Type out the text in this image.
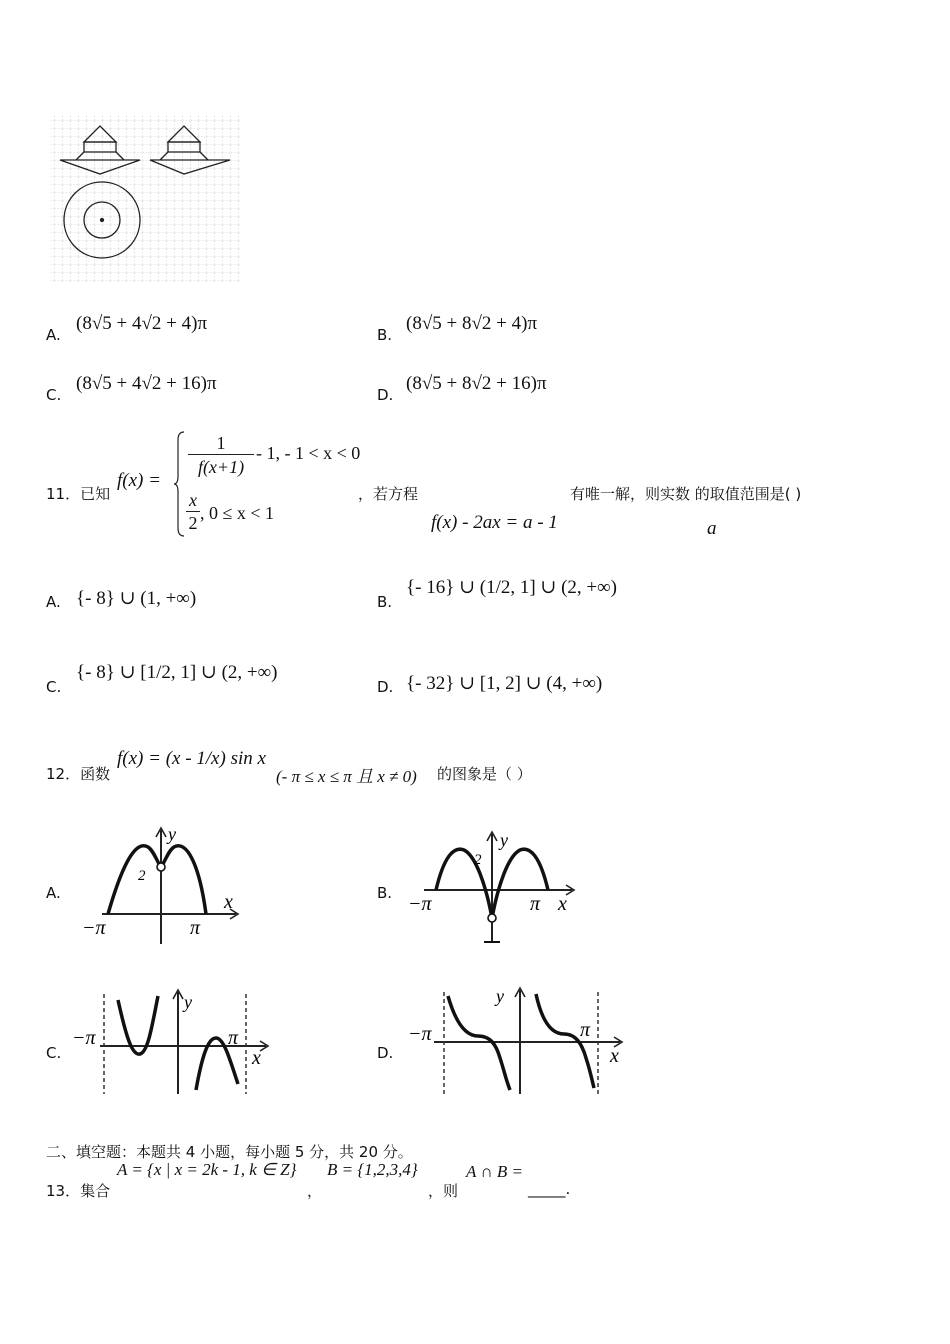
A.
(8√5 + 4√2 + 4)π
B.
(8√5 + 8√2 + 4)π
C.
(8√5 + 4√2 + 16)π
D.
(8√5 + 8√2 + 16)π
11．已知
f(x) =
$\frac{1}{f(x+1)} - 1$, - 1 < x < 0
$\frac{x}{2}$ , 0 ≤ x < 1
，若方程
f(x) - 2ax = a - 1
有唯一解，则实数 的取值范围是( )
a
A. {- 8} ∪ (1, +∞)	B.
{- 16} ∪ (1/2, 1] ∪ (2, +∞)
C.
{- 8} ∪ [1/2, 1] ∪ (2, +∞)
D. {- 32} ∪ [1, 2] ∪ (4, +∞)
12．函数
f(x) = (x - 1/x) sin x
(- π ≤ x ≤ π 且 x ≠ 0) 的图象是（ ）
A.	B.
C.	D.
2
y
x
−π	π
2
y
x
−π	π
y
x
−π	π
y
x
−π	π
二、填空题：本题共 4 小题，每小题 5 分，共 20 分。
13．集合
A = {x | x = 2k - 1, k ∈ Z}
，
B = {1,2,3,4}
，则
A ∩ B =
_____.
